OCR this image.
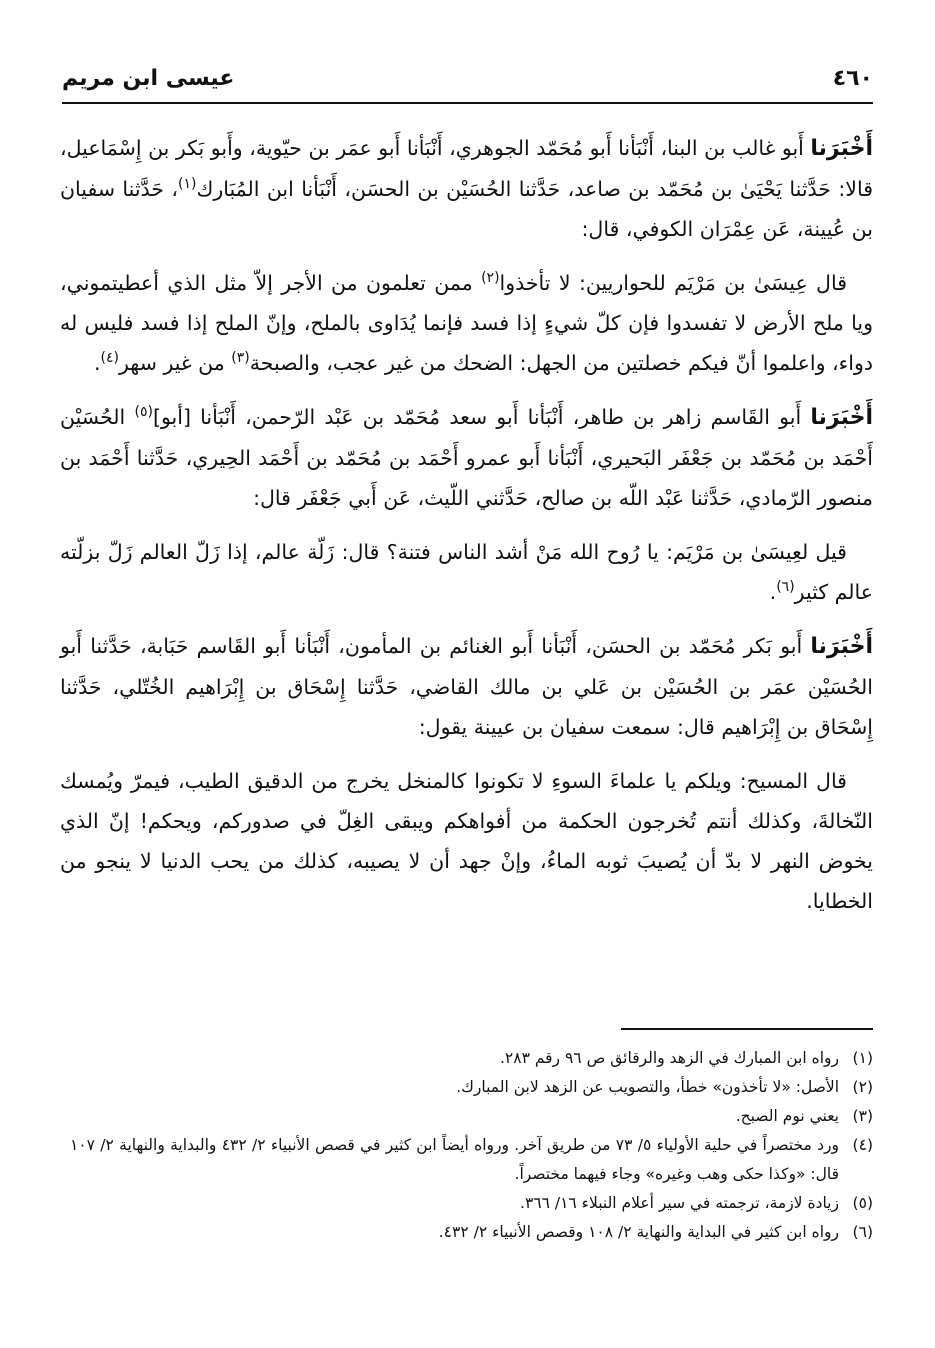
٤٦٠
عيسى ابن مريم

أَخْبَرَنا أَبو غالب بن البنا، أَنْبَأنا أَبو مُحَمّد الجوهري، أَنْبَأنا أَبو عمَر بن حيّوية، وأَبو بَكر بن إِسْمَاعيل، قالا: حَدَّثنا يَحْيَىٰ بن مُحَمّد بن صاعد، حَدَّثنا الحُسَيْن بن الحسَن، أَنْبَأنا ابن المُبَارك$^{(١)}$، حَدَّثنا سفيان بن عُيينة، عَن عِمْرَان الكوفي، قال:

قال عِيسَىٰ بن مَرْيَم للحواريين: لا تأخذوا$^{(٢)}$ ممن تعلمون من الأجر إلاّ مثل الذي أعطيتموني، ويا ملح الأرض لا تفسدوا فإن كلّ شيءٍ إذا فسد فإنما يُدَاوى بالملح، وإنّ الملح إذا فسد فليس له دواء، واعلموا أنّ فيكم خصلتين من الجهل: الضحك من غير عجب، والصبحة$^{(٣)}$ من غير سهر$^{(٤)}$.

أَخْبَرَنا أَبو القَاسم زاهر بن طاهر، أَنْبَأنا أَبو سعد مُحَمّد بن عَبْد الرّحمن، أَنْبَأنا [أبو]$^{(٥)}$ الحُسَيْن أَحْمَد بن مُحَمّد بن جَعْفَر البَحيري، أَنْبَأنا أَبو عمرو أَحْمَد بن مُحَمّد بن أَحْمَد الحِيري، حَدَّثنا أَحْمَد بن منصور الرّمادي، حَدَّثنا عَبْد اللّه بن صالح، حَدَّثني اللّيث، عَن أَبي جَعْفَر قال:

قيل لعِيسَىٰ بن مَرْيَم: يا رُوح الله مَنْ أشد الناس فتنة؟ قال: زَلّة عالم، إذا زَلّ العالم زَلّ بزلّته عالم كثير$^{(٦)}$.

أَخْبَرَنا أَبو بَكر مُحَمّد بن الحسَن، أَنْبَأنا أَبو الغنائم بن المأمون، أَنْبَأنا أَبو القَاسم حَبَابة، حَدَّثنا أَبو الحُسَيْن عمَر بن الحُسَيْن بن عَلي بن مالك القاضي، حَدَّثنا إِسْحَاق بن إِبْرَاهيم الخُتّلي، حَدَّثنا إِسْحَاق بن إِبْرَاهيم قال: سمعت سفيان بن عيينة يقول:

قال المسيح: ويلكم يا علماءَ السوءِ لا تكونوا كالمنخل يخرج من الدقيق الطيب، فيمرّ ويُمسك النّخالةَ، وكذلك أنتم تُخرجون الحكمة من أفواهكم ويبقى الغِلّ في صدوركم، ويحكم! إنّ الذي يخوض النهر لا بدّ أن يُصيبَ ثوبه الماءُ، وإنْ جهد أن لا يصيبه، كذلك من يحب الدنيا لا ينجو من الخطايا.

(١)
رواه ابن المبارك في الزهد والرقائق ص ٩٦ رقم ٢٨٣.
(٢)
الأصل: «لا تأخذون» خطأ، والتصويب عن الزهد لابن المبارك.
(٣)
يعني نوم الصبح.
(٤)
ورد مختصراً في حلية الأولياء ٥/ ٧٣ من طريق آخر. ورواه أيضاً ابن كثير في قصص الأنبياء ٢/ ٤٣٢ والبداية والنهاية ٢/ ١٠٧ قال: «وكذا حكى وهب وغيره» وجاء فيهما مختصراً.
(٥)
زيادة لازمة، ترجمته في سير أعلام النبلاء ١٦/ ٣٦٦.
(٦)
رواه ابن كثير في البداية والنهاية ٢/ ١٠٨ وقصص الأنبياء ٢/ ٤٣٢.
